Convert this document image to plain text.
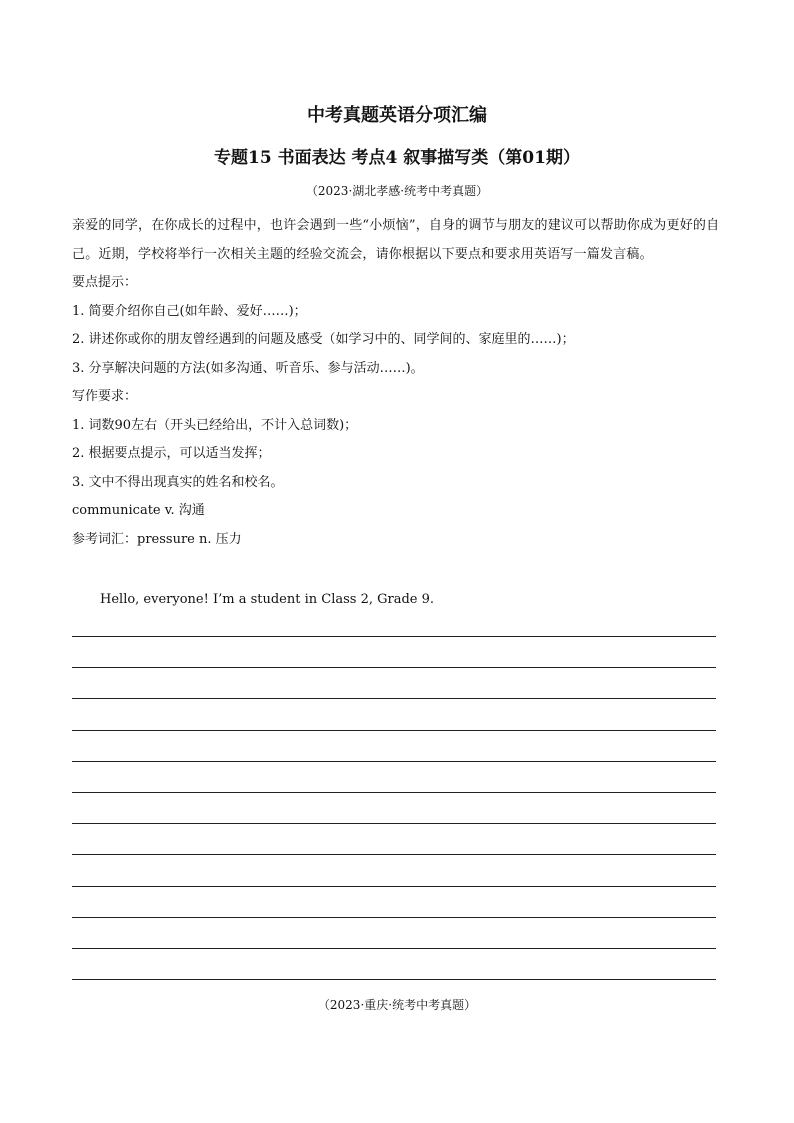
中考真题英语分项汇编
专题15 书面表达 考点4 叙事描写类（第01期）
（2023·湖北孝感·统考中考真题）

亲爱的同学，在你成长的过程中，也许会遇到一些“小烦恼”，自身的调节与朋友的建议可以帮助你成为更好的自己。近期，学校将举行一次相关主题的经验交流会，请你根据以下要点和要求用英语写一篇发言稿。

要点提示：

1. 简要介绍你自己(如年龄、爱好……)；

2. 讲述你或你的朋友曾经遇到的问题及感受（如学习中的、同学间的、家庭里的……)；

3. 分享解决问题的方法(如多沟通、听音乐、参与活动……)。

写作要求：

1. 词数90左右（开头已经给出，不计入总词数)；

2. 根据要点提示，可以适当发挥；

3. 文中不得出现真实的姓名和校名。

communicate v. 沟通

参考词汇：pressure n. 压力

Hello, everyone! I’m a student in Class 2, Grade 9.
（2023·重庆·统考中考真题）
